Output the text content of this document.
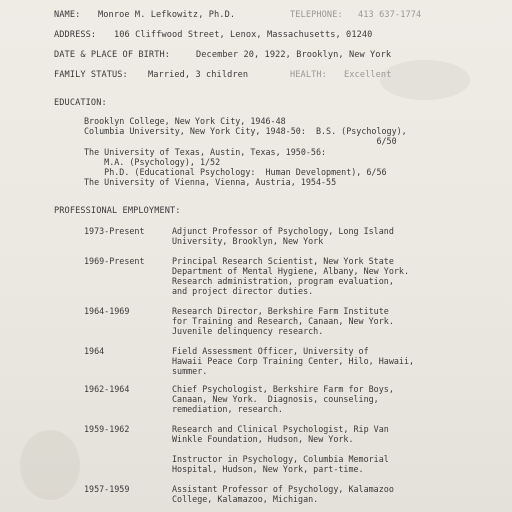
NAME: Monroe M. Lefkowitz, Ph.D.	TELEPHONE: 413 637-1774
ADDRESS: 106 Cliffwood Street, Lenox, Massachusetts, 01240
DATE & PLACE OF BIRTH:	December 20, 1922, Brooklyn, New York
FAMILY STATUS: Married, 3 children	HEALTH: Excellent
EDUCATION:
Brooklyn College, New York City, 1946-48
Columbia University, New York City, 1948-50:  B.S. (Psychology),
6/50
The University of Texas, Austin, Texas, 1950-56:
M.A. (Psychology), 1/52
Ph.D. (Educational Psychology:  Human Development), 6/56
The University of Vienna, Vienna, Austria, 1954-55
PROFESSIONAL EMPLOYMENT:
1973-Present	Adjunct Professor of Psychology, Long Island
University, Brooklyn, New York
1969-Present	Principal Research Scientist, New York State
Department of Mental Hygiene, Albany, New York.
Research administration, program evaluation,
and project director duties.
1964-1969	Research Director, Berkshire Farm Institute
for Training and Research, Canaan, New York.
Juvenile delinquency research.
1964	Field Assessment Officer, University of
Hawaii Peace Corp Training Center, Hilo, Hawaii,
summer.
1962-1964	Chief Psychologist, Berkshire Farm for Boys,
Canaan, New York.  Diagnosis, counseling,
remediation, research.
1959-1962	Research and Clinical Psychologist, Rip Van
Winkle Foundation, Hudson, New York.
Instructor in Psychology, Columbia Memorial
Hospital, Hudson, New York, part-time.
1957-1959	Assistant Professor of Psychology, Kalamazoo
College, Kalamazoo, Michigan.
